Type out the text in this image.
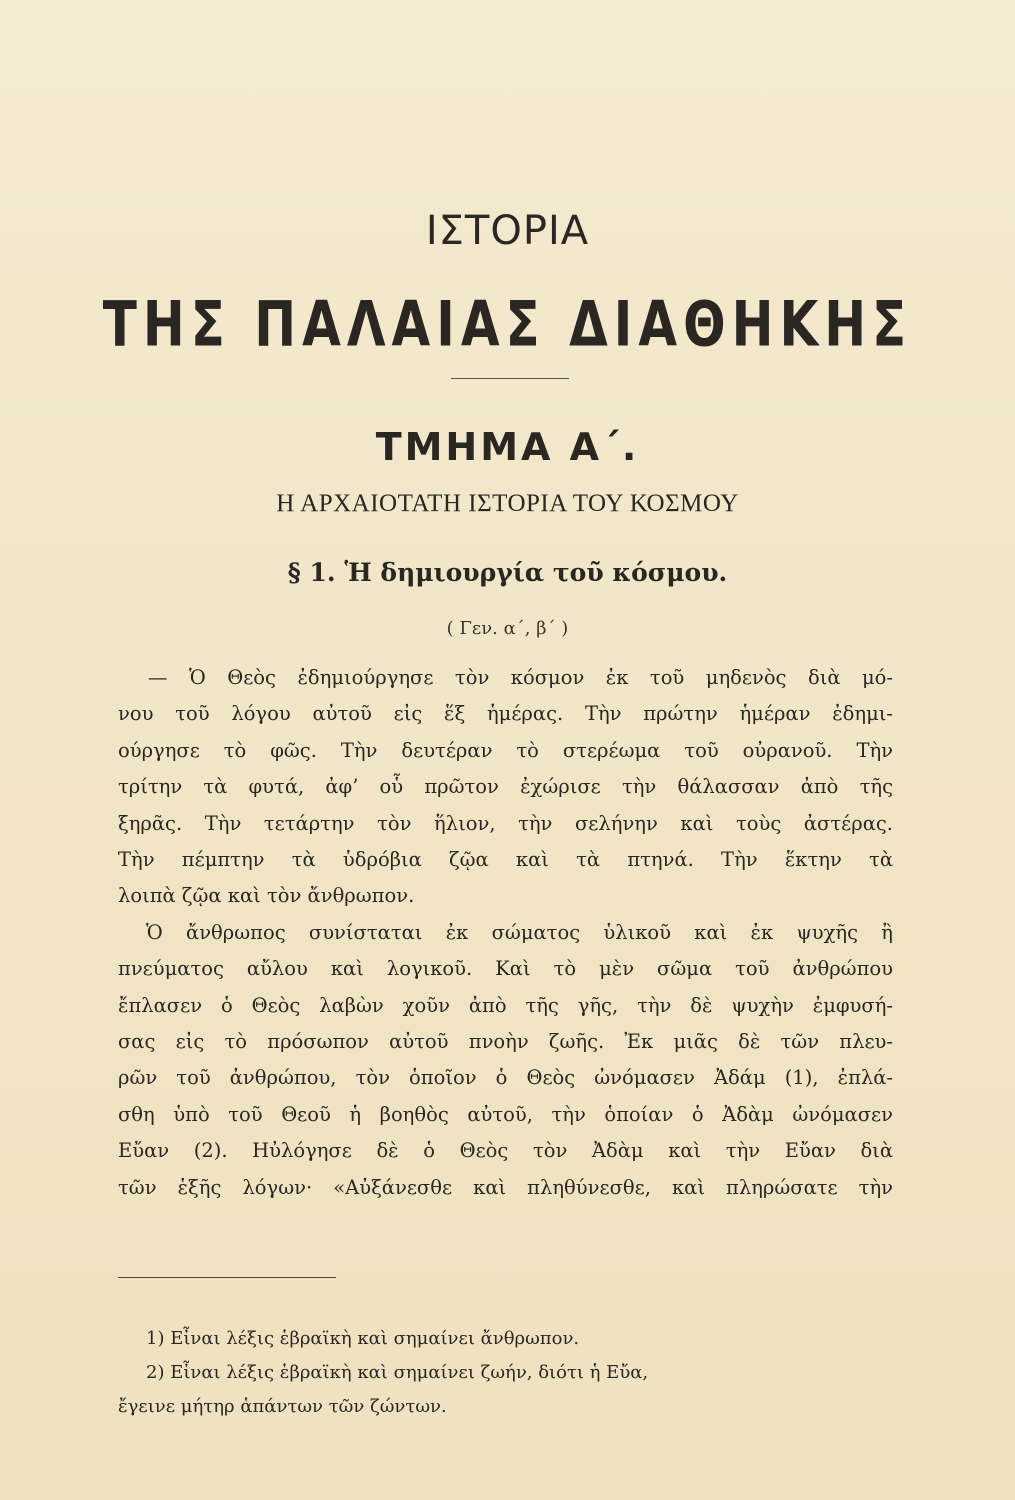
ΙΣΤΟΡΙΑ
ΤΗΣ ΠΑΛΑΙΑΣ ΔΙΑΘΗΚΗΣ
ΤΜΗΜΑ Α΄.
Η ΑΡΧΑΙΟΤΑΤΗ ΙΣΤΟΡΙΑ ΤΟΥ ΚΟΣΜΟΥ
§ 1. Ἡ δημιουργία τοῦ κόσμου.
( Γεν. α΄, β΄ )
— Ὁ Θεὸς ἐδημιούργησε τὸν κόσμον ἐκ τοῦ μηδενὸς διὰ μό-
νου τοῦ λόγου αὐτοῦ εἰς ἕξ ἡμέρας. Τὴν πρώτην ἡμέραν ἐδημι-
ούργησε τὸ φῶς. Τὴν δευτέραν τὸ στερέωμα τοῦ οὐρανοῦ. Τὴν
τρίτην τὰ φυτά, ἀφ’ οὗ πρῶτον ἐχώρισε τὴν θάλασσαν ἀπὸ τῆς
ξηρᾶς. Τὴν τετάρτην τὸν ἥλιον, τὴν σελήνην καὶ τοὺς ἀστέρας.
Τὴν πέμπτην τὰ ὑδρόβια ζῷα καὶ τὰ πτηνά. Τὴν ἕκτην τὰ
λοιπὰ ζῷα καὶ τὸν ἄνθρωπον.
Ὁ ἄνθρωπος συνίσταται ἐκ σώματος ὑλικοῦ καὶ ἐκ ψυχῆς ἢ
πνεύματος αὔλου καὶ λογικοῦ. Καὶ τὸ μὲν σῶμα τοῦ ἀνθρώπου
ἔπλασεν ὁ Θεὸς λαβὼν χοῦν ἀπὸ τῆς γῆς, τὴν δὲ ψυχὴν ἐμφυσή-
σας εἰς τὸ πρόσωπον αὐτοῦ πνοὴν ζωῆς. Ἐκ μιᾶς δὲ τῶν πλευ-
ρῶν τοῦ ἀνθρώπου, τὸν ὁποῖον ὁ Θεὸς ὠνόμασεν Ἀδάμ (1), ἐπλά-
σθη ὑπὸ τοῦ Θεοῦ ἡ βοηθὸς αὐτοῦ, τὴν ὁποίαν ὁ Ἀδὰμ ὠνόμασεν
Εὔαν (2). Ηὐλόγησε δὲ ὁ Θεὸς τὸν Ἀδὰμ καὶ τὴν Εὔαν διὰ
τῶν ἑξῆς λόγων· «Αὐξάνεσθε καὶ πληθύνεσθε, καὶ πληρώσατε τὴν
1) Εἶναι λέξις ἑβραϊκὴ καὶ σημαίνει ἄνθρωπον.
2) Εἶναι λέξις ἑβραϊκὴ καὶ σημαίνει ζωήν, διότι ἡ Εὔα,
ἔγεινε μήτηρ ἁπάντων τῶν ζώντων.
